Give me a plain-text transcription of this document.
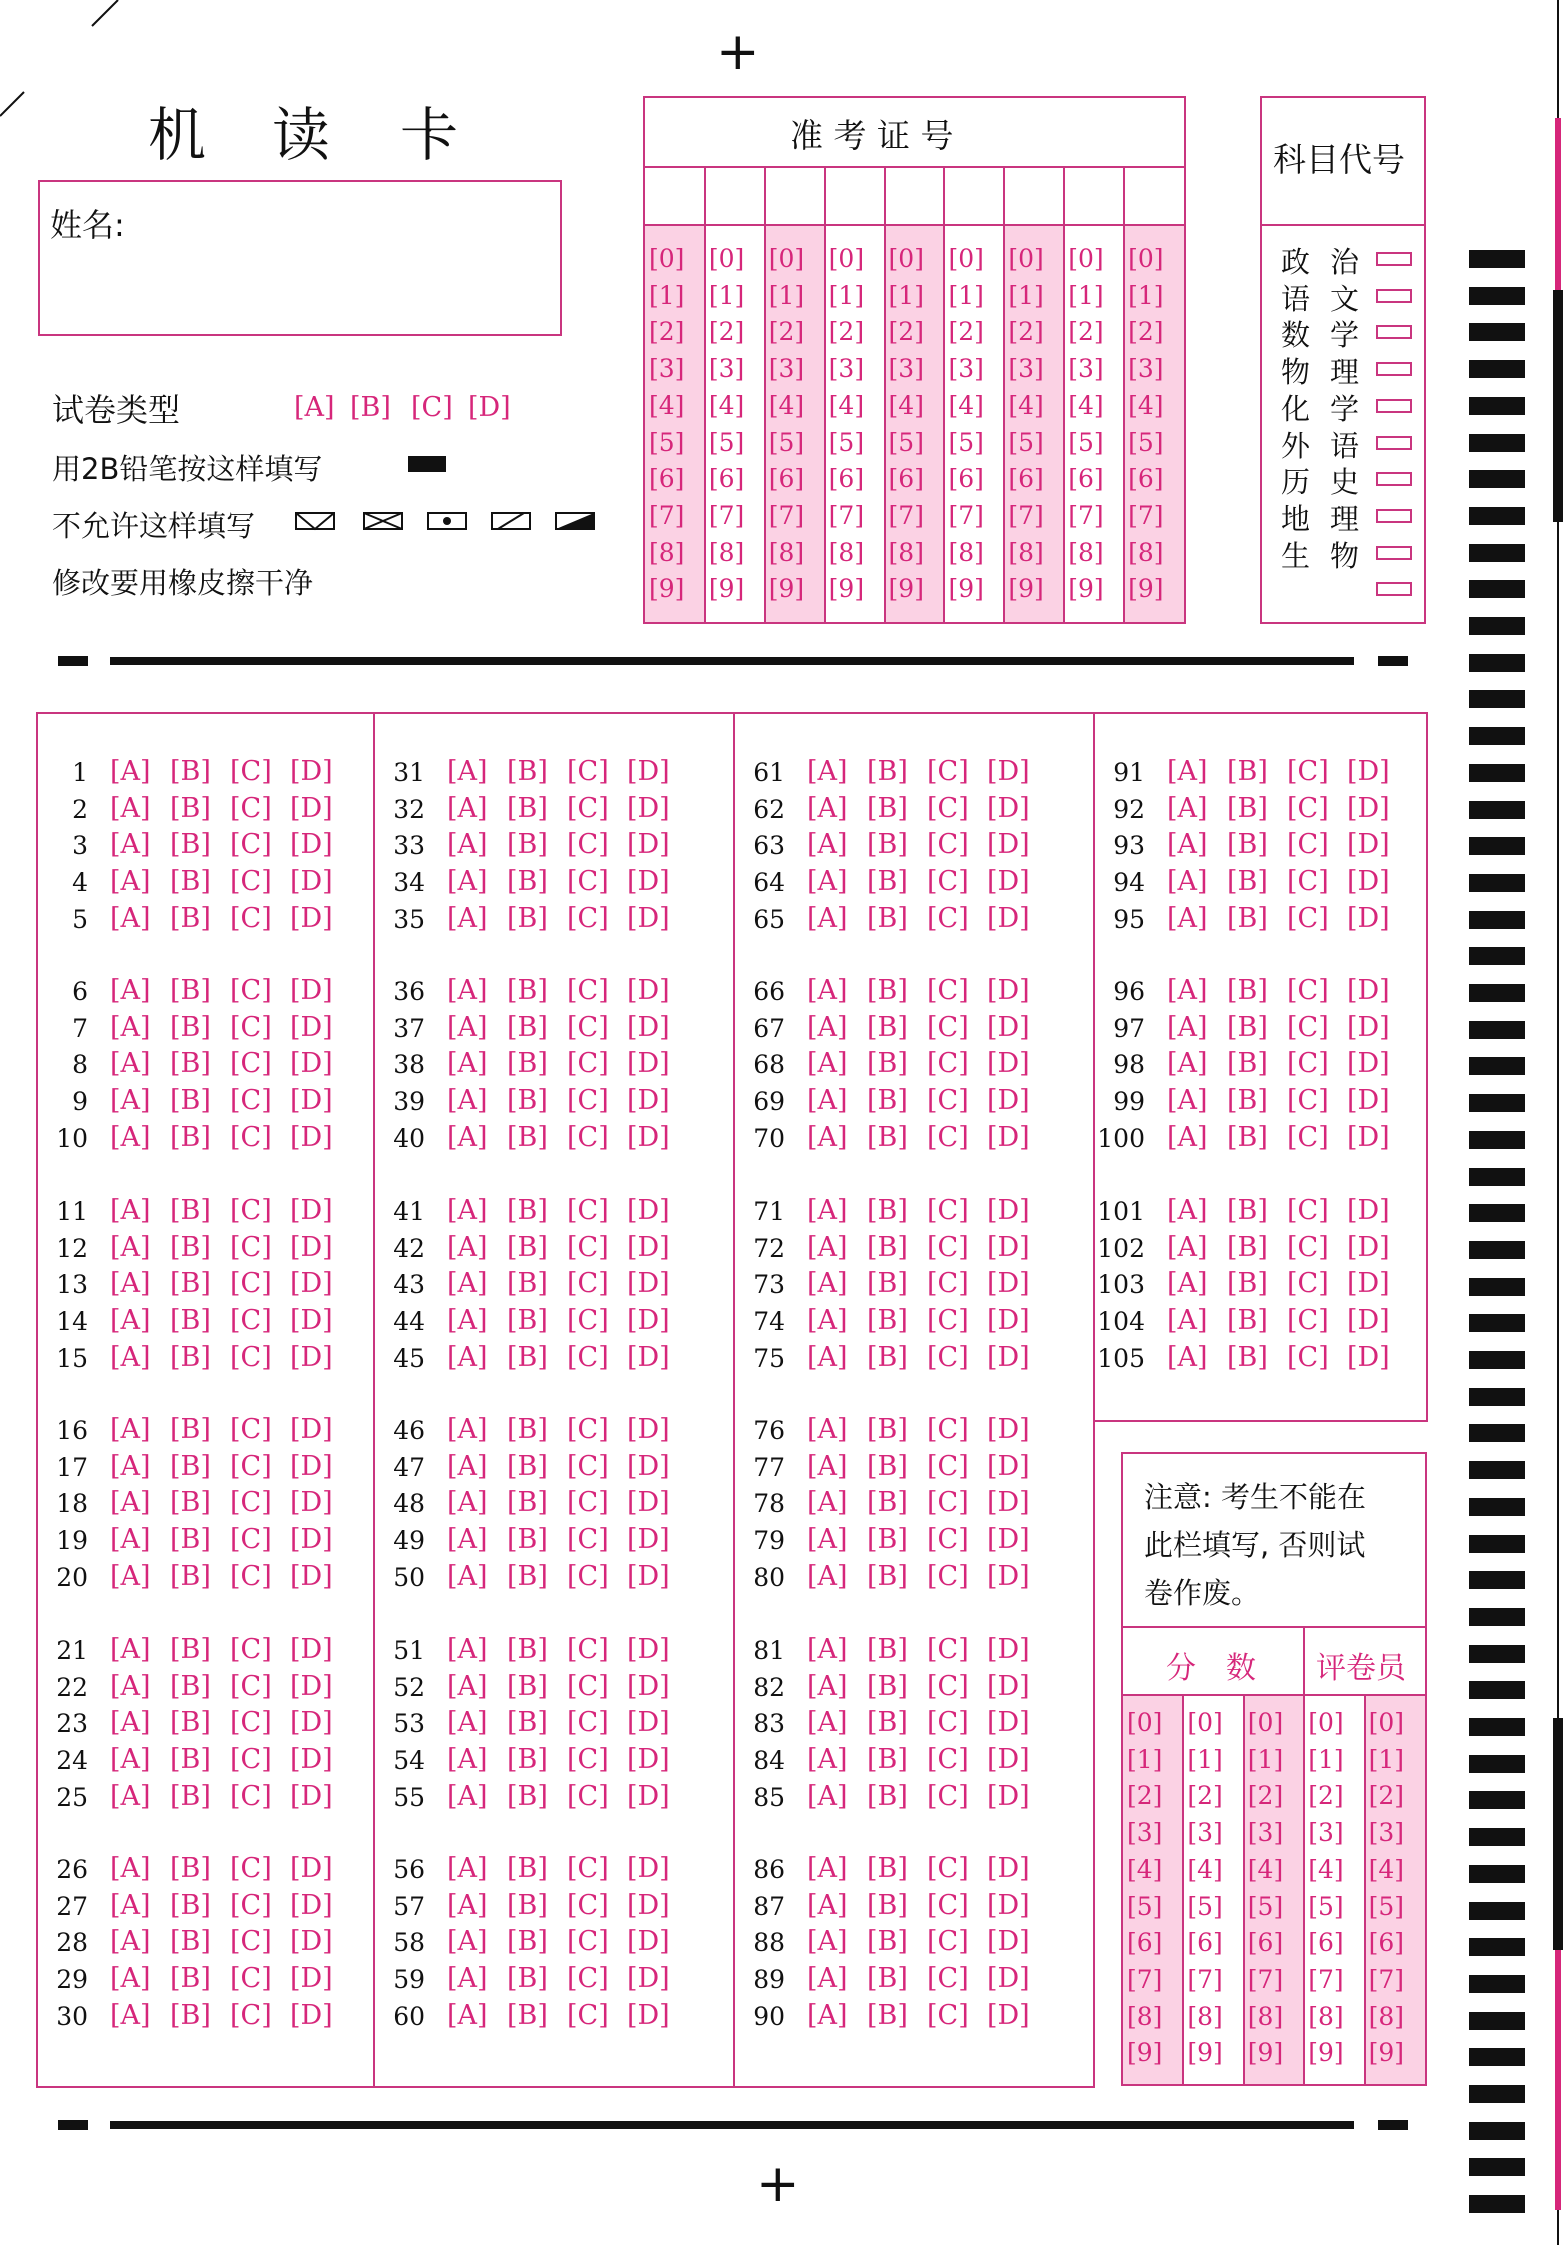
机 读 卡
+
+
姓名:
试卷类型	[A] [B] [C] [D]
用2B铅笔按这样填写
不允许这样填写
修改要用橡皮擦干净
[0]
[1]
[2]
[3]
[4]
[5]
[6]
[7]
[8]
[9]
[0]
[1]
[2]
[3]
[4]
[5]
[6]
[7]
[8]
[9]
[0]
[1]
[2]
[3]
[4]
[5]
[6]
[7]
[8]
[9]
[0]
[1]
[2]
[3]
[4]
[5]
[6]
[7]
[8]
[9]
[0]
[1]
[2]
[3]
[4]
[5]
[6]
[7]
[8]
[9]
[0]
[1]
[2]
[3]
[4]
[5]
[6]
[7]
[8]
[9]
[0]
[1]
[2]
[3]
[4]
[5]
[6]
[7]
[8]
[9]
[0]
[1]
[2]
[3]
[4]
[5]
[6]
[7]
[8]
[9]
[0]
[1]
[2]
[3]
[4]
[5]
[6]
[7]
[8]
[9]
准 考 证 号
科目代号
政 治
语 文
数 学
物 理
化 学
外 语
历 史
地 理
生 物
1 [A] [B] [C] [D]
2 [A] [B] [C] [D]
3 [A] [B] [C] [D]
4 [A] [B] [C] [D]
5 [A] [B] [C] [D]
6 [A] [B] [C] [D]
7 [A] [B] [C] [D]
8 [A] [B] [C] [D]
9 [A] [B] [C] [D]
10 [A] [B] [C] [D]
11 [A] [B] [C] [D]
12 [A] [B] [C] [D]
13 [A] [B] [C] [D]
14 [A] [B] [C] [D]
15 [A] [B] [C] [D]
16 [A] [B] [C] [D]
17 [A] [B] [C] [D]
18 [A] [B] [C] [D]
19 [A] [B] [C] [D]
20 [A] [B] [C] [D]
21 [A] [B] [C] [D]
22 [A] [B] [C] [D]
23 [A] [B] [C] [D]
24 [A] [B] [C] [D]
25 [A] [B] [C] [D]
26 [A] [B] [C] [D]
27 [A] [B] [C] [D]
28 [A] [B] [C] [D]
29 [A] [B] [C] [D]
30 [A] [B] [C] [D]
31 [A] [B] [C] [D]
32 [A] [B] [C] [D]
33 [A] [B] [C] [D]
34 [A] [B] [C] [D]
35 [A] [B] [C] [D]
36 [A] [B] [C] [D]
37 [A] [B] [C] [D]
38 [A] [B] [C] [D]
39 [A] [B] [C] [D]
40 [A] [B] [C] [D]
41 [A] [B] [C] [D]
42 [A] [B] [C] [D]
43 [A] [B] [C] [D]
44 [A] [B] [C] [D]
45 [A] [B] [C] [D]
46 [A] [B] [C] [D]
47 [A] [B] [C] [D]
48 [A] [B] [C] [D]
49 [A] [B] [C] [D]
50 [A] [B] [C] [D]
51 [A] [B] [C] [D]
52 [A] [B] [C] [D]
53 [A] [B] [C] [D]
54 [A] [B] [C] [D]
55 [A] [B] [C] [D]
56 [A] [B] [C] [D]
57 [A] [B] [C] [D]
58 [A] [B] [C] [D]
59 [A] [B] [C] [D]
60 [A] [B] [C] [D]
61 [A] [B] [C] [D]
62 [A] [B] [C] [D]
63 [A] [B] [C] [D]
64 [A] [B] [C] [D]
65 [A] [B] [C] [D]
66 [A] [B] [C] [D]
67 [A] [B] [C] [D]
68 [A] [B] [C] [D]
69 [A] [B] [C] [D]
70 [A] [B] [C] [D]
71 [A] [B] [C] [D]
72 [A] [B] [C] [D]
73 [A] [B] [C] [D]
74 [A] [B] [C] [D]
75 [A] [B] [C] [D]
76 [A] [B] [C] [D]
77 [A] [B] [C] [D]
78 [A] [B] [C] [D]
79 [A] [B] [C] [D]
80 [A] [B] [C] [D]
81 [A] [B] [C] [D]
82 [A] [B] [C] [D]
83 [A] [B] [C] [D]
84 [A] [B] [C] [D]
85 [A] [B] [C] [D]
86 [A] [B] [C] [D]
87 [A] [B] [C] [D]
88 [A] [B] [C] [D]
89 [A] [B] [C] [D]
90 [A] [B] [C] [D]
91 [A] [B] [C] [D]
92 [A] [B] [C] [D]
93 [A] [B] [C] [D]
94 [A] [B] [C] [D]
95 [A] [B] [C] [D]
96 [A] [B] [C] [D]
97 [A] [B] [C] [D]
98 [A] [B] [C] [D]
99 [A] [B] [C] [D]
100 [A] [B] [C] [D]
101 [A] [B] [C] [D]
102 [A] [B] [C] [D]
103 [A] [B] [C] [D]
104 [A] [B] [C] [D]
105 [A] [B] [C] [D]
注意: 考生不能在
此栏填写, 否则试
卷作废。
分　数 评卷员
[0]
[1]
[2]
[3]
[4]
[5]
[6]
[7]
[8]
[9]
[0]
[1]
[2]
[3]
[4]
[5]
[6]
[7]
[8]
[9]
[0]
[1]
[2]
[3]
[4]
[5]
[6]
[7]
[8]
[9]
[0]
[1]
[2]
[3]
[4]
[5]
[6]
[7]
[8]
[9]
[0]
[1]
[2]
[3]
[4]
[5]
[6]
[7]
[8]
[9]
